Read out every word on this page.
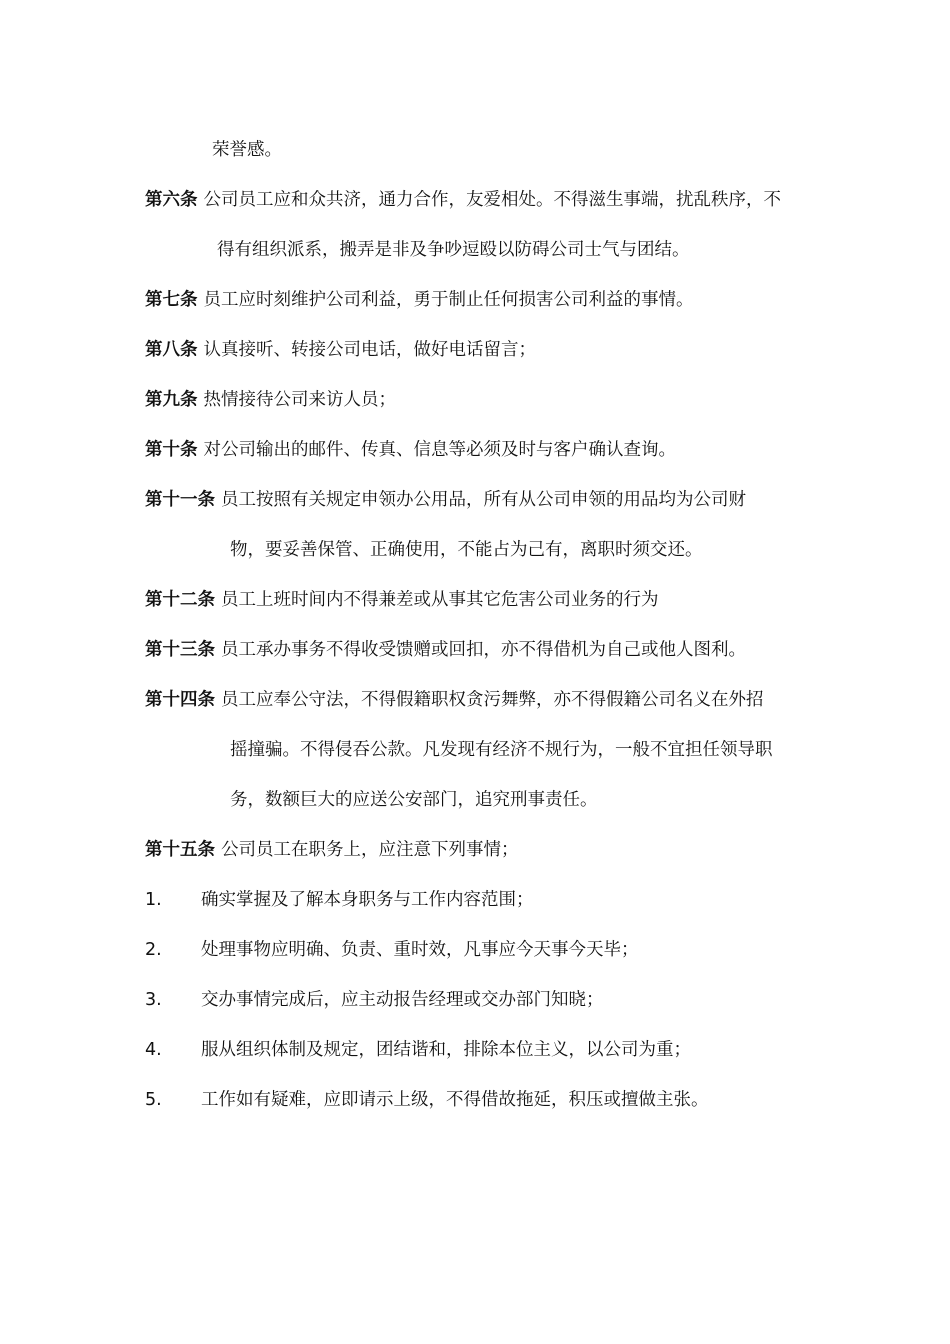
荣誉感。
第六条 公司员工应和众共济，通力合作，友爱相处。不得滋生事端，扰乱秩序，不
得有组织派系，搬弄是非及争吵逗殴以防碍公司士气与团结。
第七条 员工应时刻维护公司利益，勇于制止任何损害公司利益的事情。
第八条 认真接听、转接公司电话，做好电话留言；
第九条 热情接待公司来访人员；
第十条 对公司输出的邮件、传真、信息等必须及时与客户确认查询。
第十一条 员工按照有关规定申领办公用品，所有从公司申领的用品均为公司财
物，要妥善保管、正确使用，不能占为己有，离职时须交还。
第十二条 员工上班时间内不得兼差或从事其它危害公司业务的行为
第十三条 员工承办事务不得收受馈赠或回扣，亦不得借机为自己或他人图利。
第十四条 员工应奉公守法，不得假籍职权贪污舞弊，亦不得假籍公司名义在外招
摇撞骗。不得侵吞公款。凡发现有经济不规行为，一般不宜担任领导职
务，数额巨大的应送公安部门，追究刑事责任。
第十五条 公司员工在职务上，应注意下列事情；
1. 确实掌握及了解本身职务与工作内容范围；
2. 处理事物应明确、负责、重时效，凡事应今天事今天毕；
3. 交办事情完成后，应主动报告经理或交办部门知晓；
4. 服从组织体制及规定，团结谐和，排除本位主义，以公司为重；
5. 工作如有疑难，应即请示上级，不得借故拖延，积压或擅做主张。
